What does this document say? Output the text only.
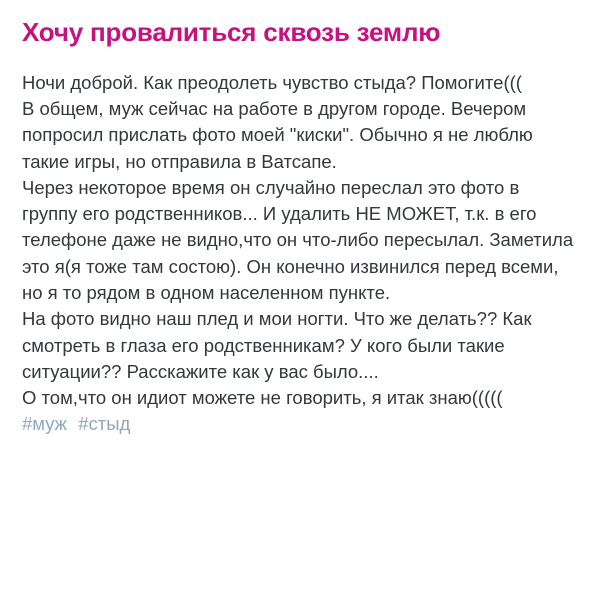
Хочу провалиться сквозь землю

Ночи доброй. Как преодолеть чувство стыда? Помогите(((

В общем, муж сейчас на работе в другом городе. Вечером попросил прислать фото моей "киски". Обычно я не люблю такие игры, но отправила в Ватсапе.

Через некоторое время он случайно переслал это фото в группу его родственников... И удалить НЕ МОЖЕТ, т.к. в его телефоне даже не видно,что он что-либо пересылал. Заметила это я(я тоже там состою). Он конечно извинился перед всеми, но я то рядом в одном населенном пункте.

На фото видно наш плед и мои ногти. Что же делать?? Как смотреть в глаза его родственникам? У кого были такие ситуации?? Расскажите как у вас было....

О том,что он идиот можете не говорить, я итак знаю(((((
#муж #стыд
